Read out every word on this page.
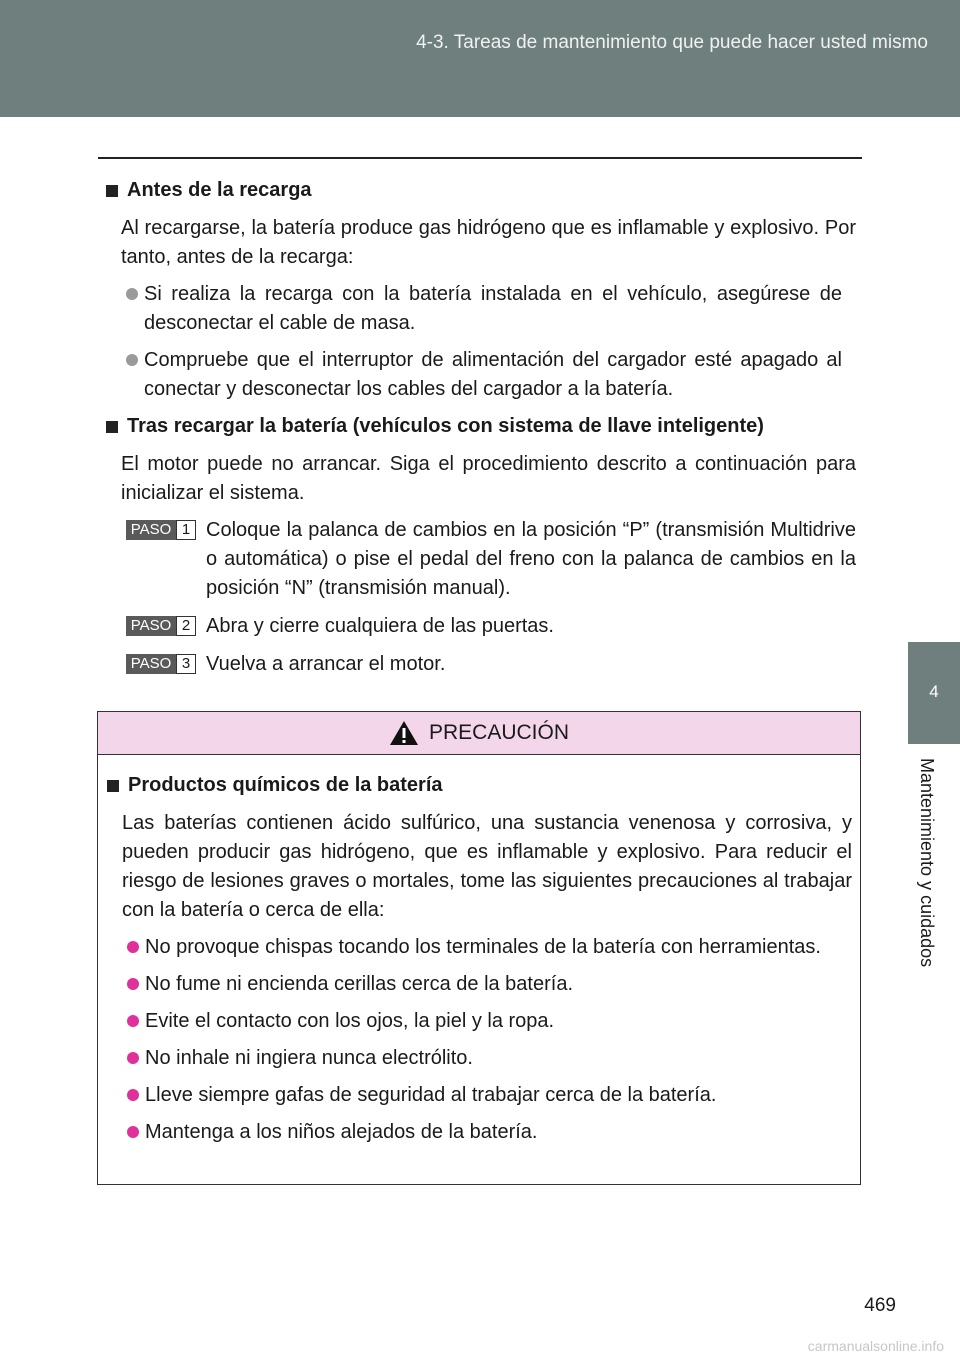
4-3. Tareas de mantenimiento que puede hacer usted mismo
4
Mantenimiento y cuidados
Antes de la recarga
Al recargarse, la batería produce gas hidrógeno que es inflamable y explosivo. Por tanto, antes de la recarga:
Si realiza la recarga con la batería instalada en el vehículo, asegúrese de desconectar el cable de masa.
Compruebe que el interruptor de alimentación del cargador esté apagado al conectar y desconectar los cables del cargador a la batería.
Tras recargar la batería (vehículos con sistema de llave inteligente)
El motor puede no arrancar. Siga el procedimiento descrito a continuación para inicializar el sistema.
PASO 1 Coloque la palanca de cambios en la posición “P” (transmisión Multidrive o automática) o pise el pedal del freno con la palanca de cambios en la posición “N” (transmisión manual).
PASO 2 Abra y cierre cualquiera de las puertas.
PASO 3 Vuelva a arrancar el motor.
PRECAUCIÓN
Productos químicos de la batería
Las baterías contienen ácido sulfúrico, una sustancia venenosa y corrosiva, y pueden producir gas hidrógeno, que es inflamable y explosivo. Para reducir el riesgo de lesiones graves o mortales, tome las siguientes precauciones al trabajar con la batería o cerca de ella:
No provoque chispas tocando los terminales de la batería con herramientas.
No fume ni encienda cerillas cerca de la batería.
Evite el contacto con los ojos, la piel y la ropa.
No inhale ni ingiera nunca electrólito.
Lleve siempre gafas de seguridad al trabajar cerca de la batería.
Mantenga a los niños alejados de la batería.
469
carmanualsonline.info
